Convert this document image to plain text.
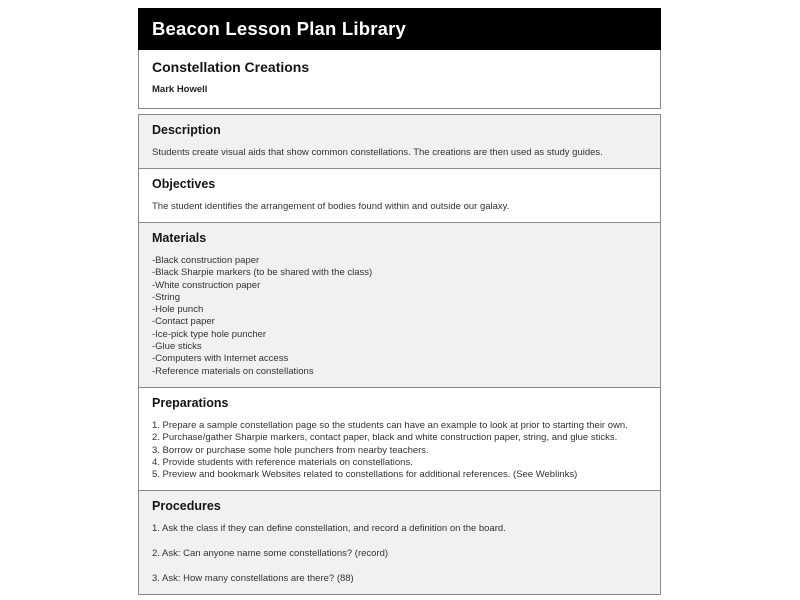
Beacon Lesson Plan Library
Constellation Creations

Mark Howell

Description

Students create visual aids that show common constellations. The creations are then used as study guides.

Objectives

The student identifies the arrangement of bodies found within and outside our galaxy.

Materials

-Black construction paper

-Black Sharpie markers (to be shared with the class)

-White construction paper

-String

-Hole punch

-Contact paper

-Ice-pick type hole puncher

-Glue sticks

-Computers with Internet access

-Reference materials on constellations

Preparations

1. Prepare a sample constellation page so the students can have an example to look at prior to starting their own.

2. Purchase/gather Sharpie markers, contact paper, black and white construction paper, string, and glue sticks.

3. Borrow or purchase some hole punchers from nearby teachers.

4. Provide students with reference materials on constellations.

5. Preview and bookmark Websites related to constellations for additional references. (See Weblinks)

Procedures

1. Ask the class if they can define constellation, and record a definition on the board.

2. Ask: Can anyone name some constellations? (record)

3. Ask: How many constellations are there? (88)
